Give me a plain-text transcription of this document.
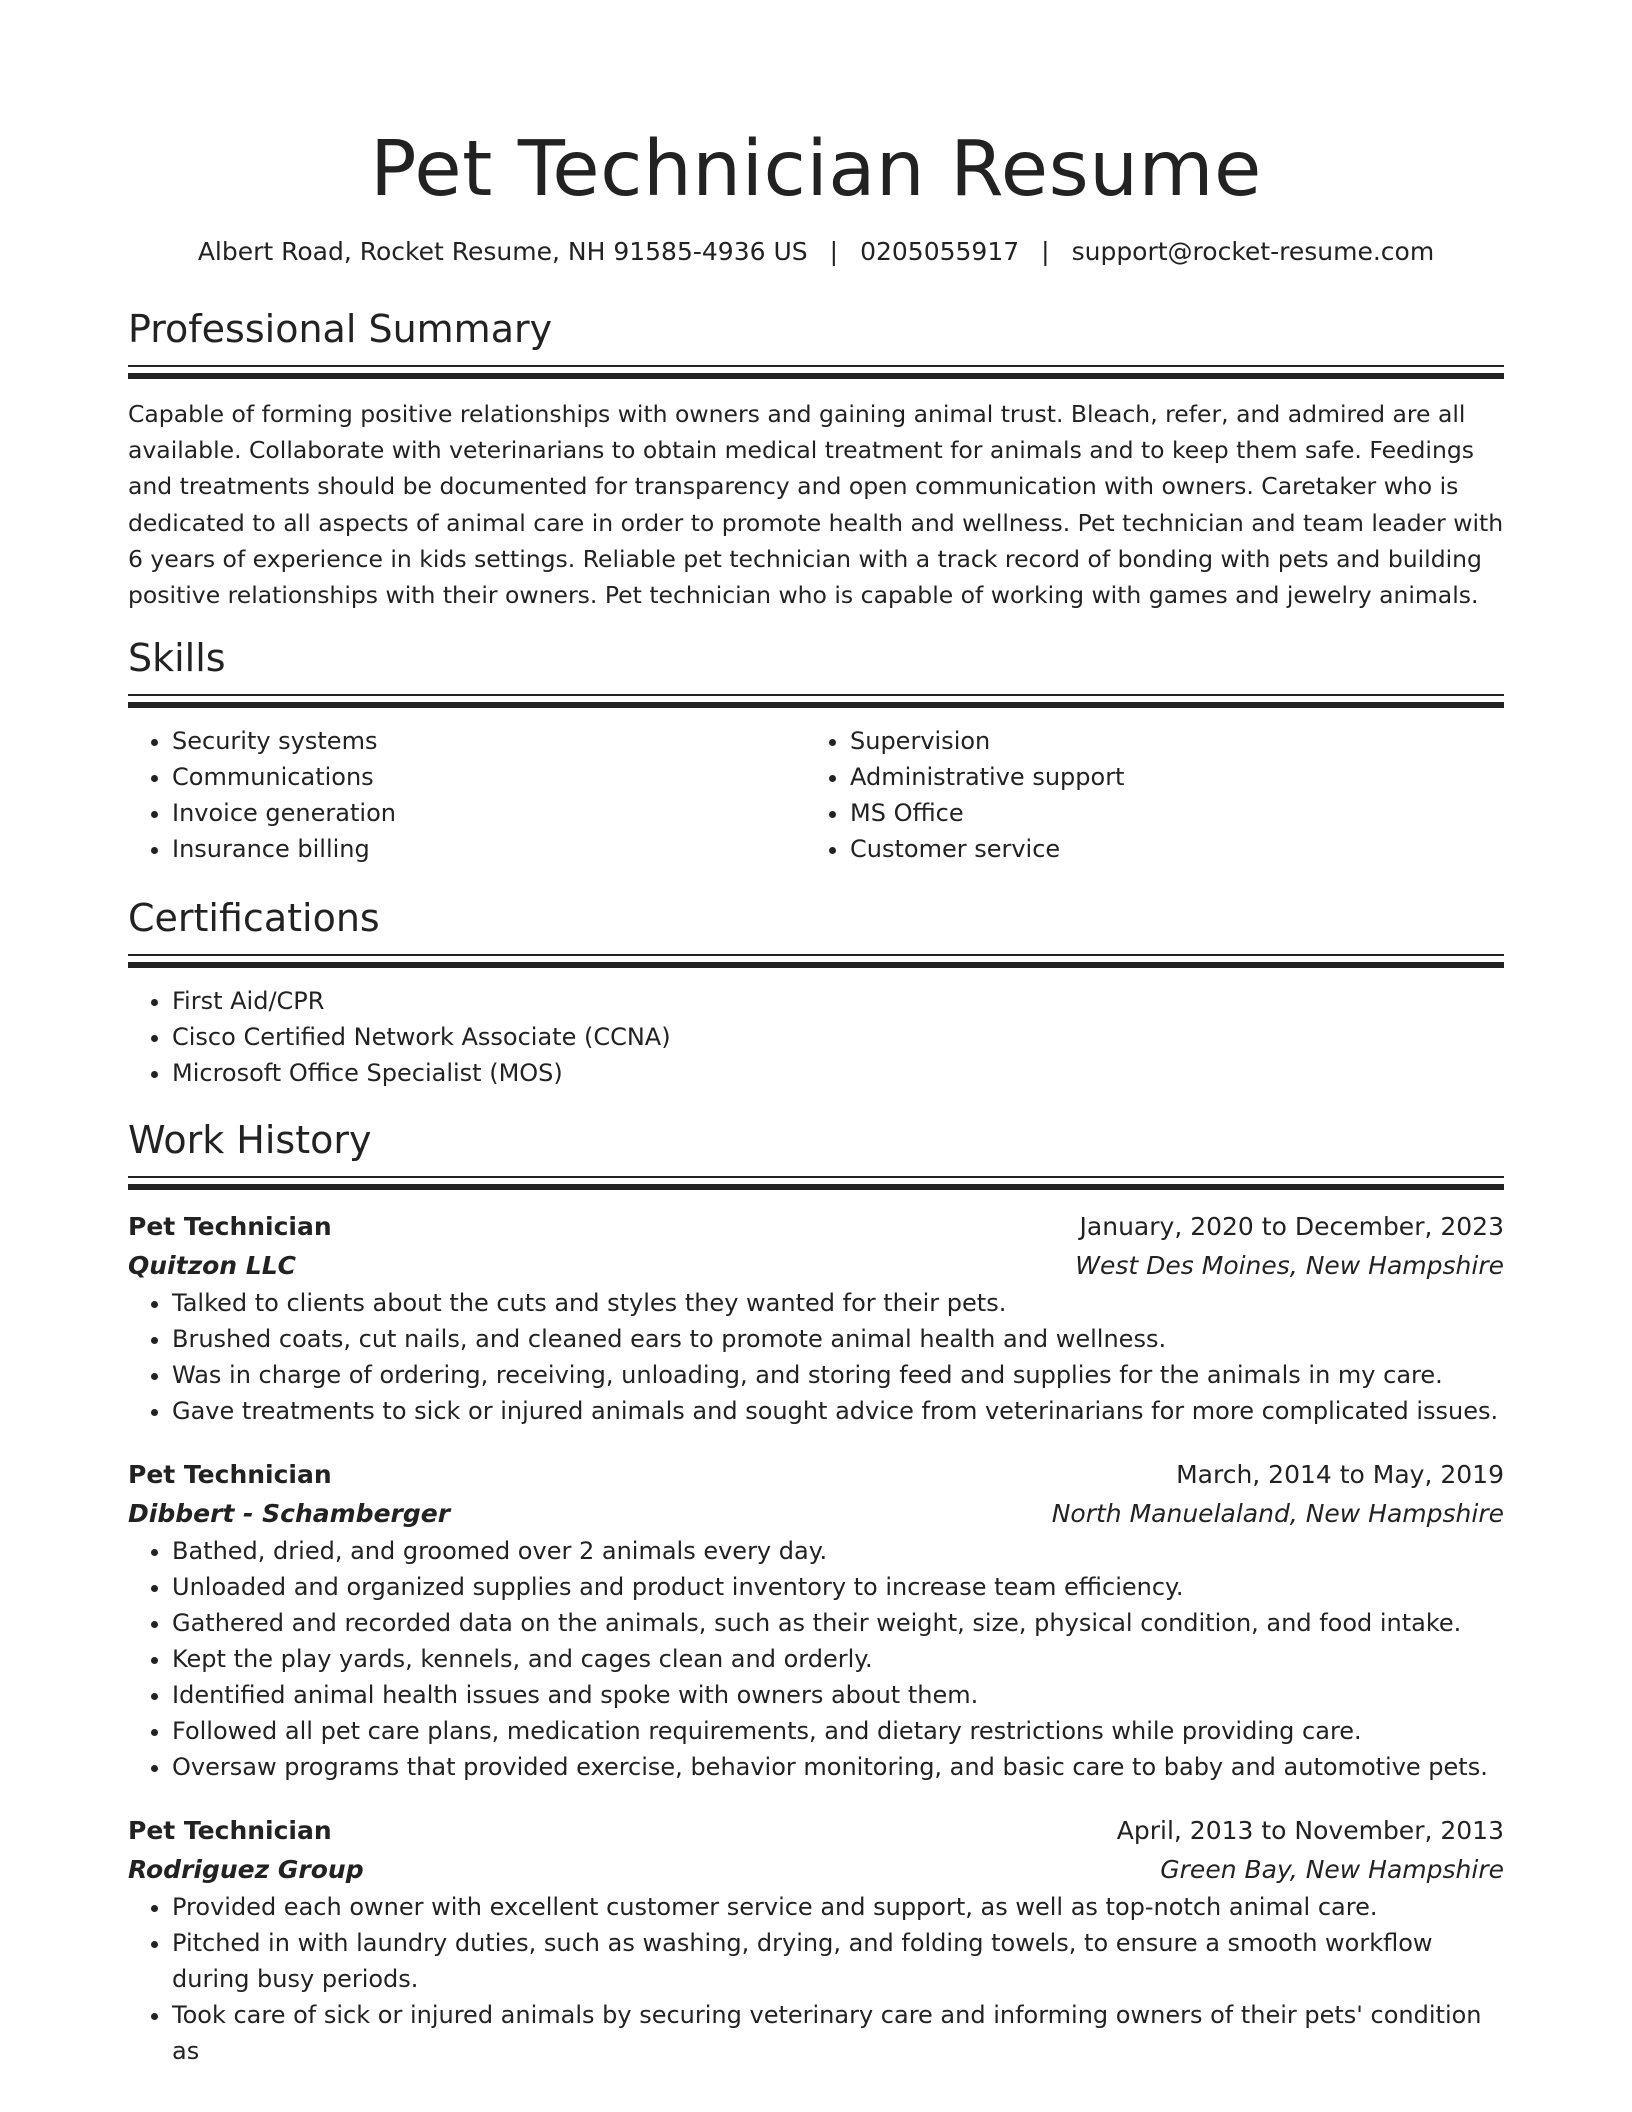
Pet Technician Resume
Albert Road, Rocket Resume, NH 91585-4936 US | 0205055917 | support@rocket-resume.com
Professional Summary

Capable of forming positive relationships with owners and gaining animal trust. Bleach, refer, and admired are all available. Collaborate with veterinarians to obtain medical treatment for animals and to keep them safe. Feedings and treatments should be documented for transparency and open communication with owners. Caretaker who is dedicated to all aspects of animal care in order to promote health and wellness. Pet technician and team leader with 6 years of experience in kids settings. Reliable pet technician with a track record of bonding with pets and building positive relationships with their owners. Pet technician who is capable of working with games and jewelry animals.

Skills
• Security systems
• Communications
• Invoice generation
• Insurance billing
• Supervision
• Administrative support
• MS Office
• Customer service
Certifications
• First Aid/CPR
• Cisco Certified Network Associate (CCNA)
• Microsoft Office Specialist (MOS)
Work History
Pet Technician	January, 2020 to December, 2023
Quitzon LLC	West Des Moines, New Hampshire
• Talked to clients about the cuts and styles they wanted for their pets.
• Brushed coats, cut nails, and cleaned ears to promote animal health and wellness.
• Was in charge of ordering, receiving, unloading, and storing feed and supplies for the animals in my care.
• Gave treatments to sick or injured animals and sought advice from veterinarians for more complicated issues.
Pet Technician	March, 2014 to May, 2019
Dibbert - Schamberger	North Manuelaland, New Hampshire
• Bathed, dried, and groomed over 2 animals every day.
• Unloaded and organized supplies and product inventory to increase team efficiency.
• Gathered and recorded data on the animals, such as their weight, size, physical condition, and food intake.
• Kept the play yards, kennels, and cages clean and orderly.
• Identified animal health issues and spoke with owners about them.
• Followed all pet care plans, medication requirements, and dietary restrictions while providing care.
• Oversaw programs that provided exercise, behavior monitoring, and basic care to baby and automotive pets.
Pet Technician	April, 2013 to November, 2013
Rodriguez Group	Green Bay, New Hampshire
• Provided each owner with excellent customer service and support, as well as top-notch animal care.
• Pitched in with laundry duties, such as washing, drying, and folding towels, to ensure a smooth workflow during busy periods.
• Took care of sick or injured animals by securing veterinary care and informing owners of their pets' condition as
